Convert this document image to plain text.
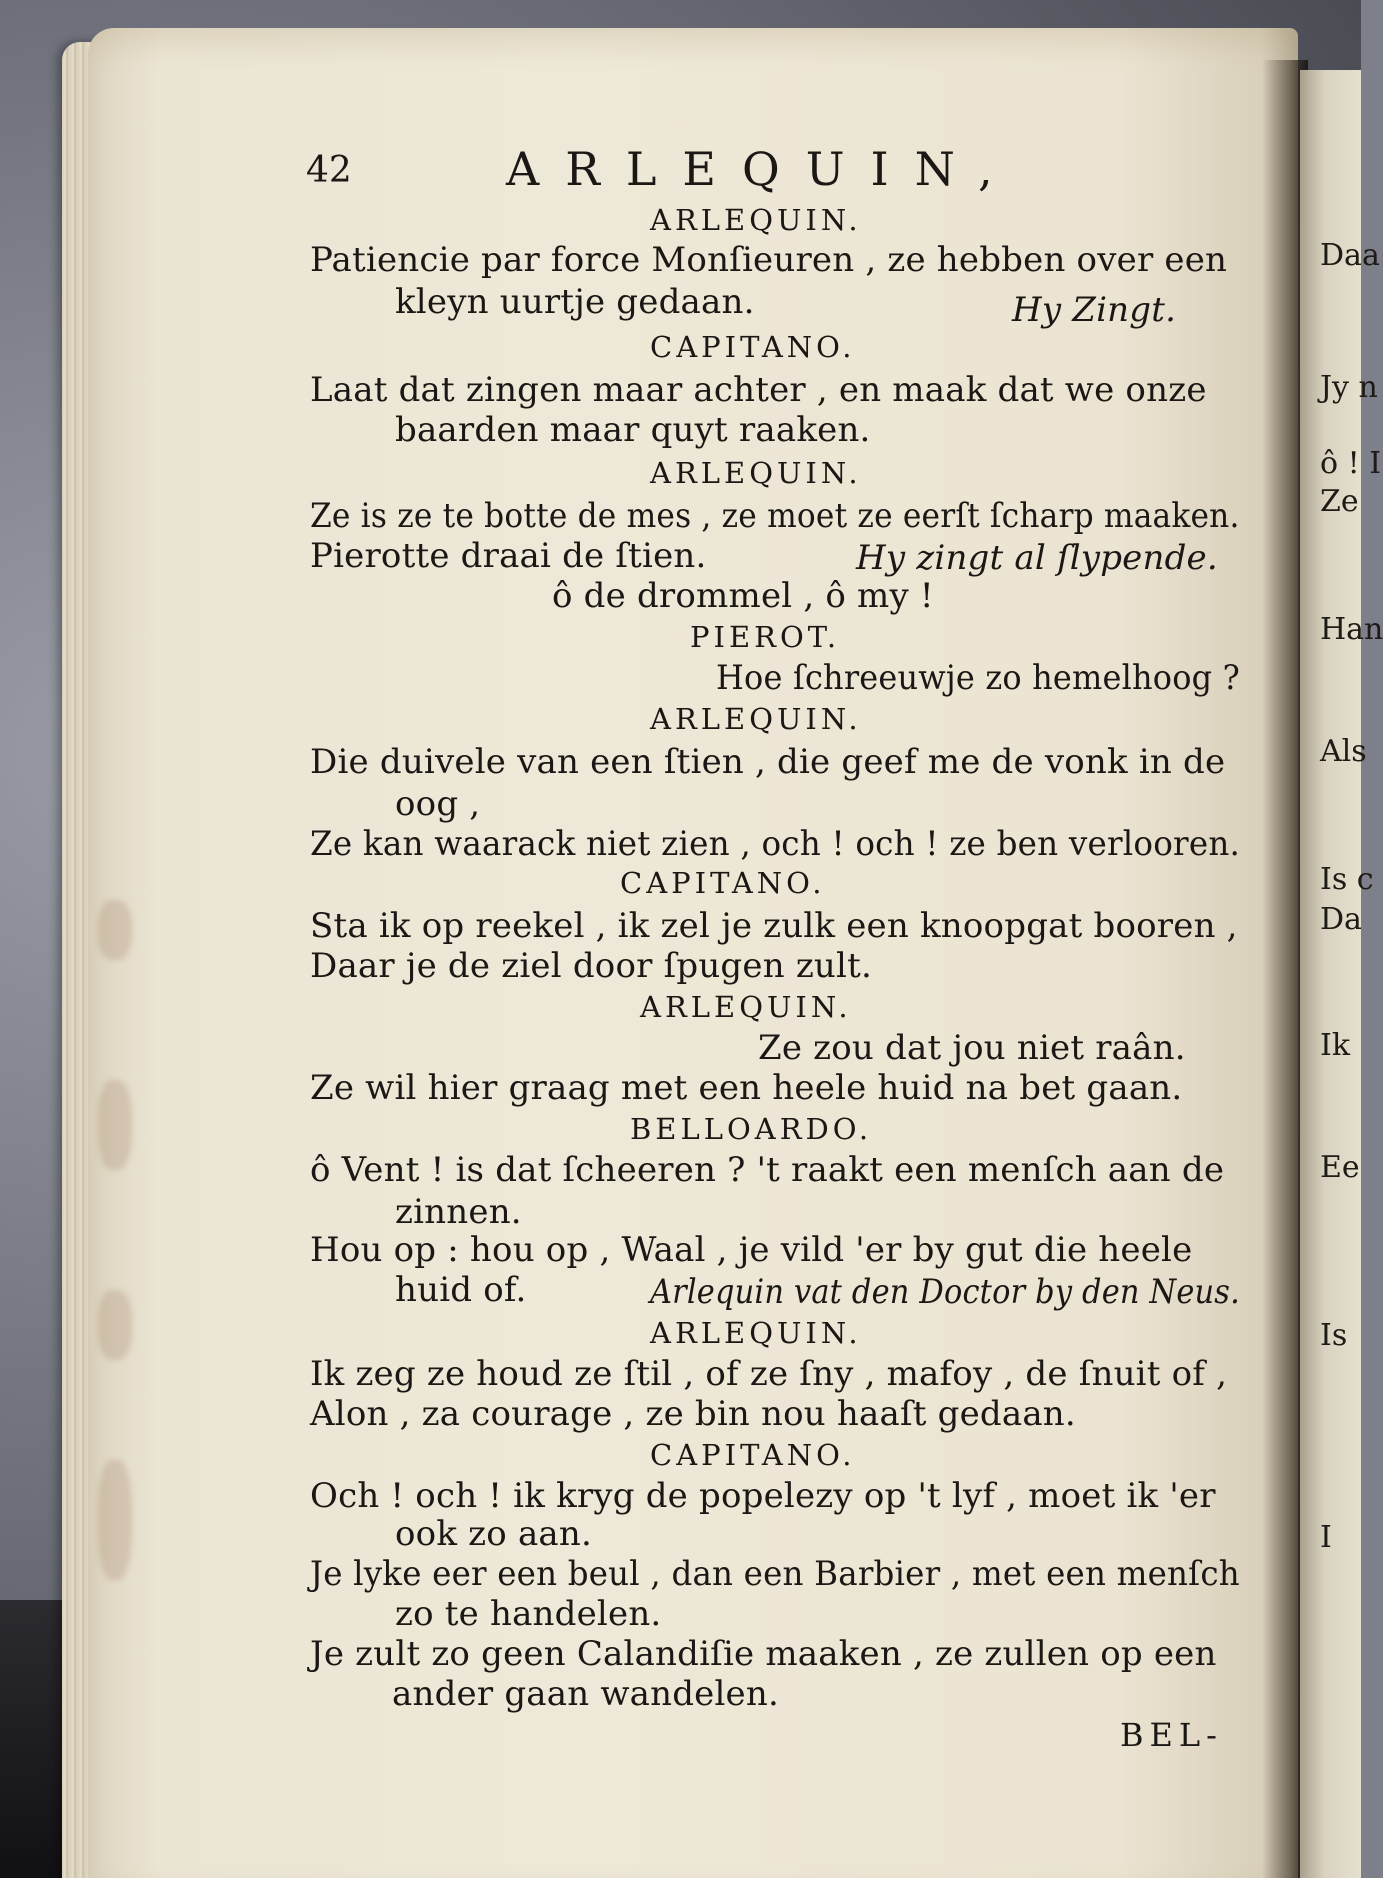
Daa
Jy n
ô ! I
Ze
Han
Als
Is c
Da
Ik
Ee
Is
I
42	ARLEQUIN,
ARLEQUIN.
Patiencie par force Monſieuren , ze hebben over een
kleyn uurtje gedaan.	Hy Zingt.
CAPITANO.
Laat dat zingen maar achter , en maak dat we onze
baarden maar quyt raaken.
ARLEQUIN.
Ze is ze te botte de mes , ze moet ze eerſt ſcharp maaken.
Pierotte draai de ſtien.	Hy zingt al ſlypende.
ô de drommel , ô my !
PIEROT.
Hoe ſchreeuwje zo hemelhoog ?
ARLEQUIN.
Die duivele van een ſtien , die geef me de vonk in de
oog ,
Ze kan waarack niet zien , och ! och ! ze ben verlooren.
CAPITANO.
Sta ik op reekel , ik zel je zulk een knoopgat booren ,
Daar je de ziel door ſpugen zult.
ARLEQUIN.
Ze zou dat jou niet raân.
Ze wil hier graag met een heele huid na bet gaan.
BELLOARDO.
ô Vent ! is dat ſcheeren ? 't raakt een menſch aan de
zinnen.
Hou op : hou op , Waal , je vild 'er by gut die heele
huid of.	Arlequin vat den Doctor by den Neus.
ARLEQUIN.
Ik zeg ze houd ze ſtil , of ze ſny , mafoy , de ſnuit of ,
Alon , za courage , ze bin nou haaſt gedaan.
CAPITANO.
Och ! och ! ik kryg de popelezy op 't lyf , moet ik 'er
ook zo aan.
Je lyke eer een beul , dan een Barbier , met een menſch
zo te handelen.
Je zult zo geen Calandiſie maaken , ze zullen op een
ander gaan wandelen.
BEL-
